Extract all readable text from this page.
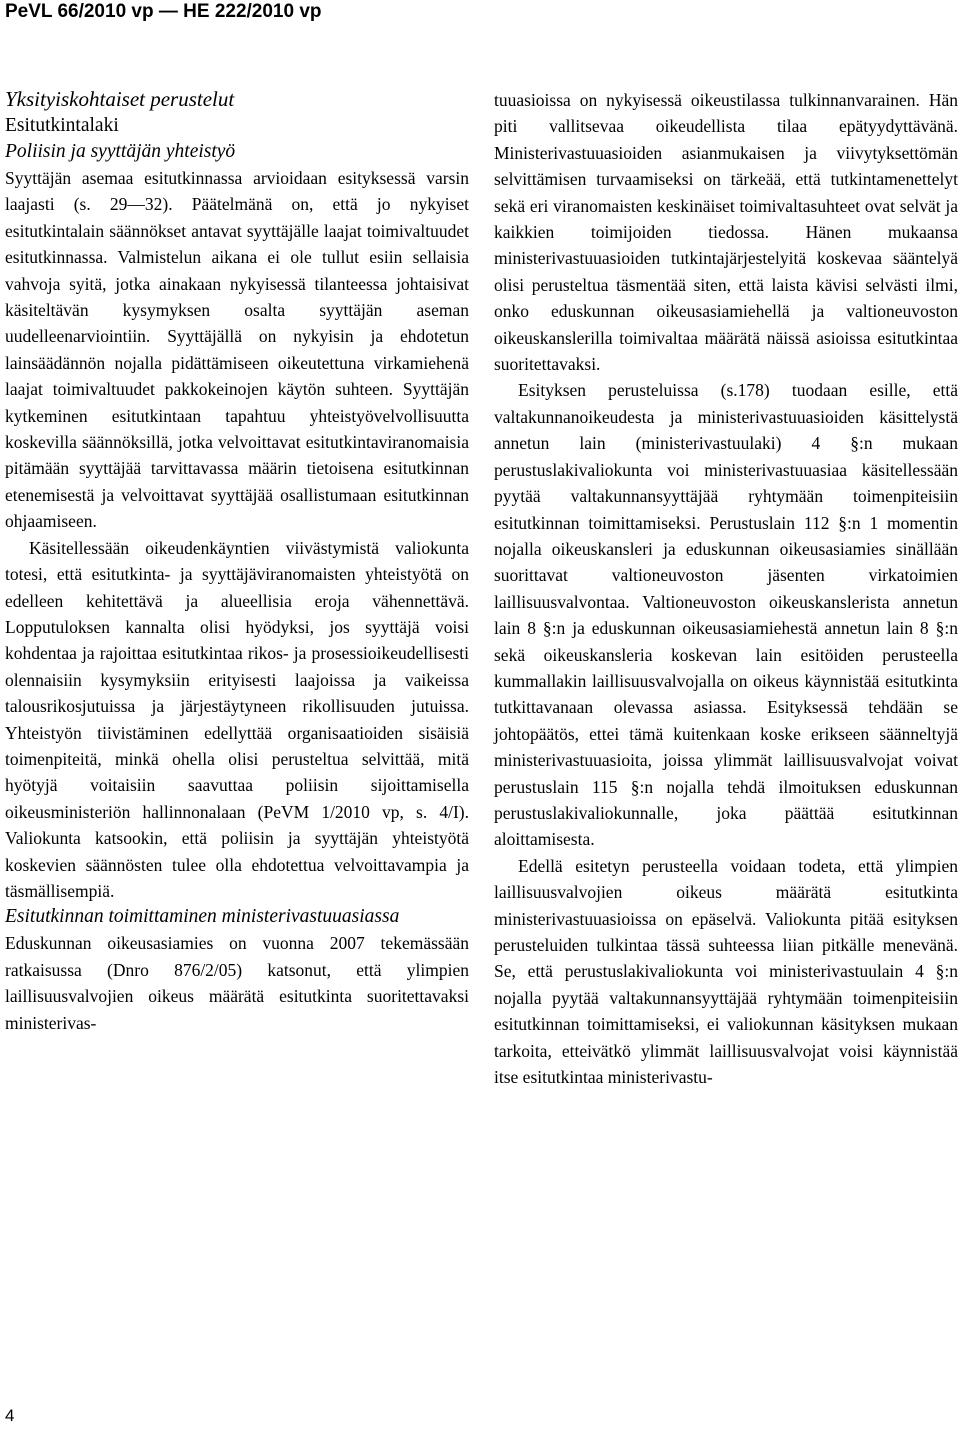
PeVL 66/2010 vp — HE 222/2010 vp

Yksityiskohtaiset perustelut

Esitutkintalaki

Poliisin ja syyttäjän yhteistyö

Syyttäjän asemaa esitutkinnassa arvioidaan esityksessä varsin laajasti (s. 29—32). Päätelmänä on, että jo nykyiset esitutkintalain säännökset antavat syyttäjälle laajat toimivaltuudet esitutkinnassa. Valmistelun aikana ei ole tullut esiin sellaisia vahvoja syitä, jotka ainakaan nykyisessä tilanteessa johtaisivat käsiteltävän kysymyksen osalta syyttäjän aseman uudelleenarviointiin. Syyttäjällä on nykyisin ja ehdotetun lainsäädännön nojalla pidättämiseen oikeutettuna virkamiehenä laajat toimivaltuudet pakkokeinojen käytön suhteen. Syyttäjän kytkeminen esitutkintaan tapahtuu yhteistyövelvollisuutta koskevilla säännöksillä, jotka velvoittavat esitutkintaviranomaisia pitämään syyttäjää tarvittavassa määrin tietoisena esitutkinnan etenemisestä ja velvoittavat syyttäjää osallistumaan esitutkinnan ohjaamiseen.

Käsitellessään oikeudenkäyntien viivästymistä valiokunta totesi, että esitutkinta- ja syyttäjäviranomaisten yhteistyötä on edelleen kehitettävä ja alueellisia eroja vähennettävä. Lopputuloksen kannalta olisi hyödyksi, jos syyttäjä voisi kohdentaa ja rajoittaa esitutkintaa rikos- ja prosessioikeudellisesti olennaisiin kysymyksiin erityisesti laajoissa ja vaikeissa talousrikosjutuissa ja järjestäytyneen rikollisuuden jutuissa. Yhteistyön tiivistäminen edellyttää organisaatioiden sisäisiä toimenpiteitä, minkä ohella olisi perusteltua selvittää, mitä hyötyjä voitaisiin saavuttaa poliisin sijoittamisella oikeusministeriön hallinnonalaan (PeVM 1/2010 vp, s. 4/I). Valiokunta katsookin, että poliisin ja syyttäjän yhteistyötä koskevien säännösten tulee olla ehdotettua velvoittavampia ja täsmällisempiä.

Esitutkinnan toimittaminen ministerivastuuasiassa

Eduskunnan oikeusasiamies on vuonna 2007 tekemässään ratkaisussa (Dnro 876/2/05) katsonut, että ylimpien laillisuusvalvojien oikeus määrätä esitutkinta suoritettavaksi ministerivas-

tuuasioissa on nykyisessä oikeustilassa tulkinnanvarainen. Hän piti vallitsevaa oikeudellista tilaa epätyydyttävänä. Ministerivastuuasioiden asianmukaisen ja viivytyksettömän selvittämisen turvaamiseksi on tärkeää, että tutkintamenettelyt sekä eri viranomaisten keskinäiset toimivaltasuhteet ovat selvät ja kaikkien toimijoiden tiedossa. Hänen mukaansa ministerivastuuasioiden tutkintajärjestelyitä koskevaa sääntelyä olisi perusteltua täsmentää siten, että laista kävisi selvästi ilmi, onko eduskunnan oikeusasiamiehellä ja valtioneuvoston oikeuskanslerilla toimivaltaa määrätä näissä asioissa esitutkintaa suoritettavaksi.

Esityksen perusteluissa (s.178) tuodaan esille, että valtakunnanoikeudesta ja ministerivastuuasioiden käsittelystä annetun lain (ministerivastuulaki) 4 §:n mukaan perustuslakivaliokunta voi ministerivastuuasiaa käsitellessään pyytää valtakunnansyyttäjää ryhtymään toimenpiteisiin esitutkinnan toimittamiseksi. Perustuslain 112 §:n 1 momentin nojalla oikeuskansleri ja eduskunnan oikeusasiamies sinällään suorittavat valtioneuvoston jäsenten virkatoimien laillisuusvalvontaa. Valtioneuvoston oikeuskanslerista annetun lain 8 §:n ja eduskunnan oikeusasiamiehestä annetun lain 8 §:n sekä oikeuskansleria koskevan lain esitöiden perusteella kummallakin laillisuusvalvojalla on oikeus käynnistää esitutkinta tutkittavanaan olevassa asiassa. Esityksessä tehdään se johtopäätös, ettei tämä kuitenkaan koske erikseen säänneltyjä ministerivastuuasioita, joissa ylimmät laillisuusvalvojat voivat perustuslain 115 §:n nojalla tehdä ilmoituksen eduskunnan perustuslakivaliokunnalle, joka päättää esitutkinnan aloittamisesta.

Edellä esitetyn perusteella voidaan todeta, että ylimpien laillisuusvalvojien oikeus määrätä esitutkinta ministerivastuuasioissa on epäselvä. Valiokunta pitää esityksen perusteluiden tulkintaa tässä suhteessa liian pitkälle menevänä. Se, että perustuslakivaliokunta voi ministerivastuulain 4 §:n nojalla pyytää valtakunnansyyttäjää ryhtymään toimenpiteisiin esitutkinnan toimittamiseksi, ei valiokunnan käsityksen mukaan tarkoita, etteivätkö ylimmät laillisuusvalvojat voisi käynnistää itse esitutkintaa ministerivastu-

4
